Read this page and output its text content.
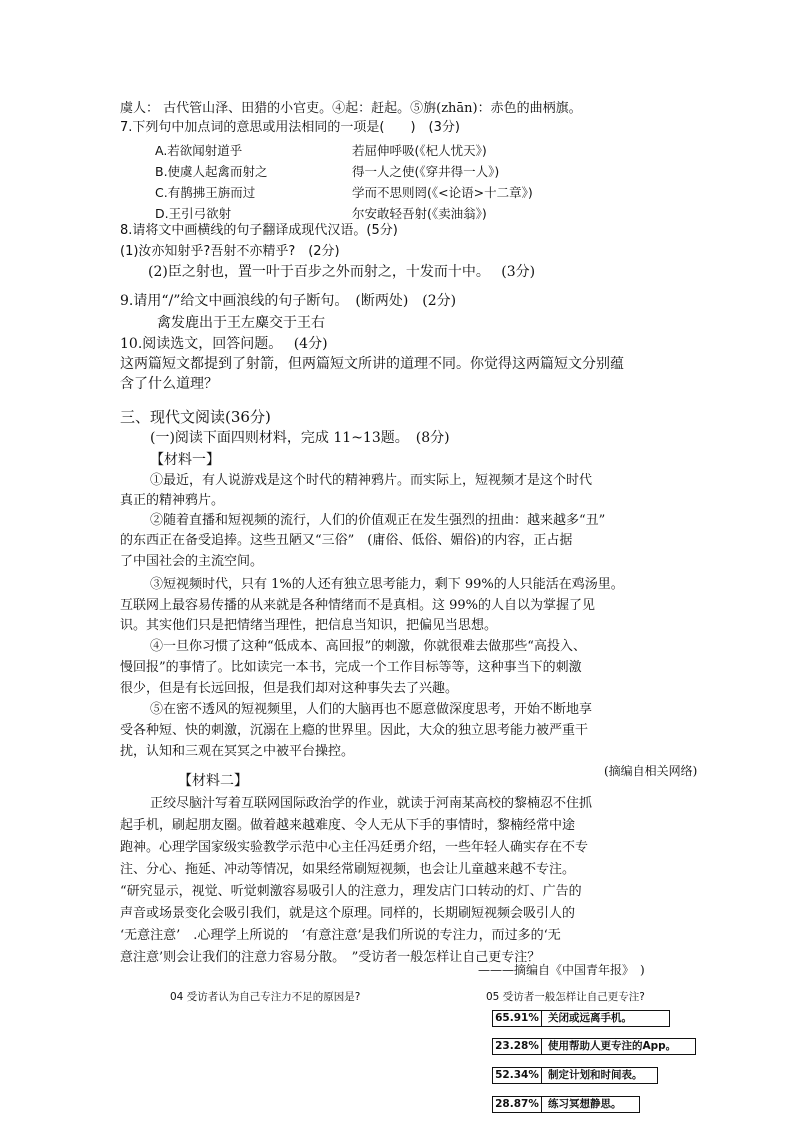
虞人： 古代管山泽、田猎的小官吏。④起：赶起。⑤旃(zhān)：赤色的曲柄旗。
7.下列句中加点词的意思或用法相同的一项是(　　)　(3分)
8.请将文中画横线的句子翻译成现代汉语。(5分)
(1)汝亦知射乎?吾射不亦精乎?　(2分)
(2)臣之射也，置一叶于百步之外而射之，十发而十中。　 (3分)
9.请用“/”给文中画浪线的句子断句。　(断两处)　(2分)
禽发鹿出于王左麋交于王右
10.阅读选文，回答问题。　 (4分)
这两篇短文都提到了射箭，但两篇短文所讲的道理不同。你觉得这两篇短文分别蕴
含了什么道理？
三、现代文阅读(36分)
(一)阅读下面四则材料，完成 11~13题。　(8分)
【材料一】
①最近，有人说游戏是这个时代的精神鸦片。而实际上，短视频才是这个时代
真正的精神鸦片。
②随着直播和短视频的流行，人们的价值观正在发生强烈的扭曲：越来越多“丑”
的东西正在备受追捧。这些丑陋又“三俗”　(庸俗、低俗、媚俗)的内容，正占据
了中国社会的主流空间。
③短视频时代，只有 1%的人还有独立思考能力，剩下 99%的人只能活在鸡汤里。
互联网上最容易传播的从来就是各种情绪而不是真相。这 99%的人自以为掌握了见
识。其实他们只是把情绪当理性，把信息当知识，把偏见当思想。
④一旦你习惯了这种“低成本、高回报”的刺激，你就很难去做那些“高投入、
慢回报”的事情了。比如读完一本书，完成一个工作目标等等，这种事当下的刺激
很少，但是有长远回报，但是我们却对这种事失去了兴趣。
⑤在密不透风的短视频里，人们的大脑再也不愿意做深度思考，开始不断地享
受各种短、快的刺激，沉溺在上瘾的世界里。因此，大众的独立思考能力被严重干
扰，认知和三观在冥冥之中被平台操控。
【材料二】
正绞尽脑汁写着互联网国际政治学的作业，就读于河南某高校的黎楠忍不住抓
起手机，刷起朋友圈。做着越来越难度、令人无从下手的事情时，黎楠经常中途
跑神。心理学国家级实验教学示范中心主任冯廷勇介绍，一些年轻人确实存在不专
注、分心、拖延、冲动等情况，如果经常刷短视频，也会让儿童越来越不专注。
“研究显示，视觉、听觉刺激容易吸引人的注意力，理发店门口转动的灯、广告的
声音或场景变化会吸引我们，就是这个原理。同样的，长期刷短视频会吸引人的
‘无意注意’　.心理学上所说的　‘有意注意’是我们所说的专注力，而过多的‘无
意注意’则会让我们的注意力容易分散。　”受访者一般怎样让自己更专注？
A.若欲闻射道乎	若屈伸呼吸(《杞人忧天》)
B.使虞人起禽而射之	得一人之使(《穿井得一人》)
C.有鹊拂王旃而过	学而不思则罔(《<论语>十二章》)
D.王引弓欲射	尔安敢轻吾射(《卖油翁》)
(摘编自相关网络)
———摘编自《中国青年报》　)
04 受访者认为自己专注力不足的原因是?	05 受访者一般怎样让自己更专注?
65.91% 关闭或远离手机。
23.28% 使用帮助人更专注的App。
52.34% 制定计划和时间表。
28.87% 练习冥想静思。
